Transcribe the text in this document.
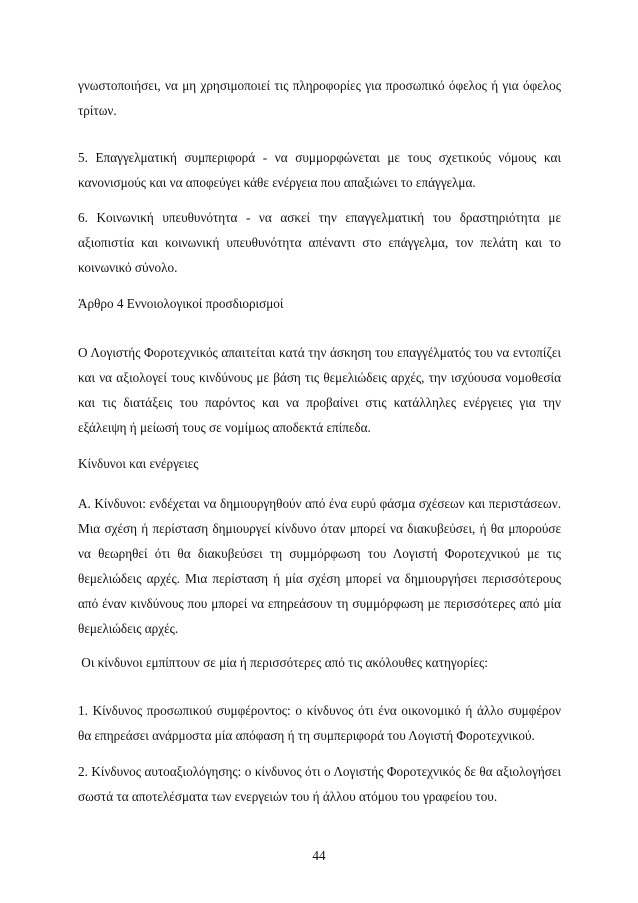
γνωστοποιήσει, να μη χρησιμοποιεί τις πληροφορίες για προσωπικό όφελος ή για όφελος τρίτων.

5. Επαγγελματική συμπεριφορά - να συμμορφώνεται με τους σχετικούς νόμους και κανονισμούς και να αποφεύγει κάθε ενέργεια που απαξιώνει το επάγγελμα.

6. Κοινωνική υπευθυνότητα - να ασκεί την επαγγελματική του δραστηριότητα με αξιοπιστία και κοινωνική υπευθυνότητα απέναντι στο επάγγελμα, τον πελάτη και το κοινωνικό σύνολο.

Άρθρο 4 Εννοιολογικοί προσδιορισμοί

Ο Λογιστής Φοροτεχνικός απαιτείται κατά την άσκηση του επαγγέλματός του να εντοπίζει και να αξιολογεί τους κινδύνους με βάση τις θεμελιώδεις αρχές, την ισχύουσα νομοθεσία και τις διατάξεις του παρόντος και να προβαίνει στις κατάλληλες ενέργειες για την εξάλειψη ή μείωσή τους σε νομίμως αποδεκτά επίπεδα.

Κίνδυνοι και ενέργειες

Α. Κίνδυνοι: ενδέχεται να δημιουργηθούν από ένα ευρύ φάσμα σχέσεων και περιστάσεων. Μια σχέση ή περίσταση δημιουργεί κίνδυνο όταν μπορεί να διακυβεύσει, ή θα μπορούσε να θεωρηθεί ότι θα διακυβεύσει τη συμμόρφωση του Λογιστή Φοροτεχνικού με τις θεμελιώδεις αρχές. Μια περίσταση ή μία σχέση μπορεί να δημιουργήσει περισσότερους από έναν κινδύνους που μπορεί να επηρεάσουν τη συμμόρφωση με περισσότερες από μία θεμελιώδεις αρχές.

Οι κίνδυνοι εμπίπτουν σε μία ή περισσότερες από τις ακόλουθες κατηγορίες:

1. Κίνδυνος προσωπικού συμφέροντος: ο κίνδυνος ότι ένα οικονομικό ή άλλο συμφέρον θα επηρεάσει ανάρμοστα μία απόφαση ή τη συμπεριφορά του Λογιστή Φοροτεχνικού.

2. Κίνδυνος αυτοαξιολόγησης: ο κίνδυνος ότι ο Λογιστής Φοροτεχνικός δε θα αξιολογήσει σωστά τα αποτελέσματα των ενεργειών του ή άλλου ατόμου του γραφείου του.

44
